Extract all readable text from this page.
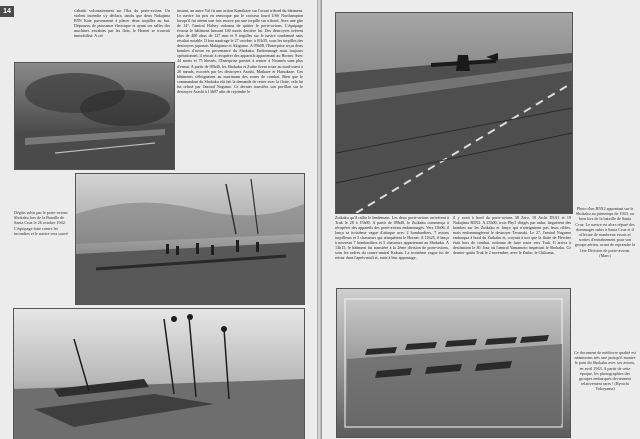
14	s'abattit volontairement sur l'îlot du porte-avions. Un violent incendie s'y déclara, tandis que deux Nakajima B5N Kate parvenaient à placer deux torpilles au but. Dépourvu de puissance électrique et ayant ses salles des machines envahies par les flots, le Hornet se trouvait immobilisé. A cet

instant, un autre Val fit une action Kamikaze sur l'avant tribord du bâtiment. Le navire fut pris en remorque par le croiseur lourd USS Northampton lorsqu'il fut atteint une fois encore par une torpille sur tribord. Avec une gîte de 14°, l'amiral Halsey ordonna de quitter le porte-avions. L'équipage évacua le bâtiment laissant 140 morts derrière lui. Des destroyers tirèrent plus de 400 obus de 127 mm et 9 torpilles sur le navire condamné sans résultat notable. Il fera naufrage le 27 octobre, à 01h35, sous les torpilles des destroyers japonais Makigumo et Akigumo. A 09h08, l'Enterprise reçut deux bombes d'avion en provenance du Shokaku. Endommagé mais toujours opérationnel, il réussit à récupérer des appareils appartenant au Hornet. Avec 44 morts et 75 blessés, l'Enterprise parvint à rentrer à Nouméa sans plus d'ennui. A partir de 09h40, les Shokaku et Zuiho firent route au nord-ouest à 28 nœuds, escortés par les destroyers Arashi, Maikaze et Hatsukaze. Ces bâtiments s'éloignaient au maximum des zones de combat. Bien que le commandant du Shokaku eût fait la demande de rester avec la flotte, cela lui fut refusé par l'amiral Nagumo. Ce dernier transféra son pavillon sur le destroyer Arashi à 13h07 afin de rejoindre le

Dégâts subis par le porte-avions Shokaku lors de la Bataille de Santa Cruz le 26 octobre 1942. L'équipage lutte contre les incendies et le navire sera sauvé

Photo d'un B5N2 appontant sur le Shokaku au printemps de 1943, ou bien lors de la bataille de Santa Cruz. Le navire est alors réparé des dommages subis à Santa Cruz et il effectue de nombreux essais et sorties d'entraînement pour son groupe aérien, avant de reprendre la 1ère Division de porte-avions. (Marc)

Zuikaku qu'il rallia le lendemain. Les deux porte-avions arrivèrent à Truk le 28 à 15h00. A partir de 09h40, le Zuikaku commença à récupérer des appareils des porte-avions endommagés. Vers 11h06, il lança sa troisième vague d'attaque avec 2 bombardiers, 7 avions torpilleurs et 5 chasseurs qui attaquèrent le Hornet. A 11h25, il lança à nouveau 7 bombardiers et 5 chasseurs appartenant au Shokaku. A 13h15, le bâtiment fut transféré à la 2ème division de porte-avions, sous les ordres du contre-amiral Kakuta. La troisième vague fut de retour dans l'après-midi et, suite à leur appontage,

il y avait à bord du porte-avions 38 Zero, 10 Aichi D3A1 et 19 Nakajima B5N2. A 23h00, trois Pby5 dirigés par radar, larguèrent des bombes sur les Zuikaku et Junyo qui n'atteignirent pas leurs cibles, mais endommagèrent le destroyer Teruzuki. Le 27, l'amiral Nagumo embarqua à bord du Zuikaku et, croyant à tort que la flotte de Fletcher était hors de combat, ordonna de faire route vers Truk. Il arriva à destination le 30. Jour où l'amiral Yamamoto inspectait le Shokaku. Ce dernier quitta Truk le 2 novembre, avec le Zuiho, le Chikuma,

Ce document de médiocre qualité est néanmoins très rare puisqu'il montre le pont du Shokaku avec ses avions, en avril 1943. A partir de cette époque, les photographies des groupes embarqués deviennent relativement rares ! (Ryoichi Yokoyama)
